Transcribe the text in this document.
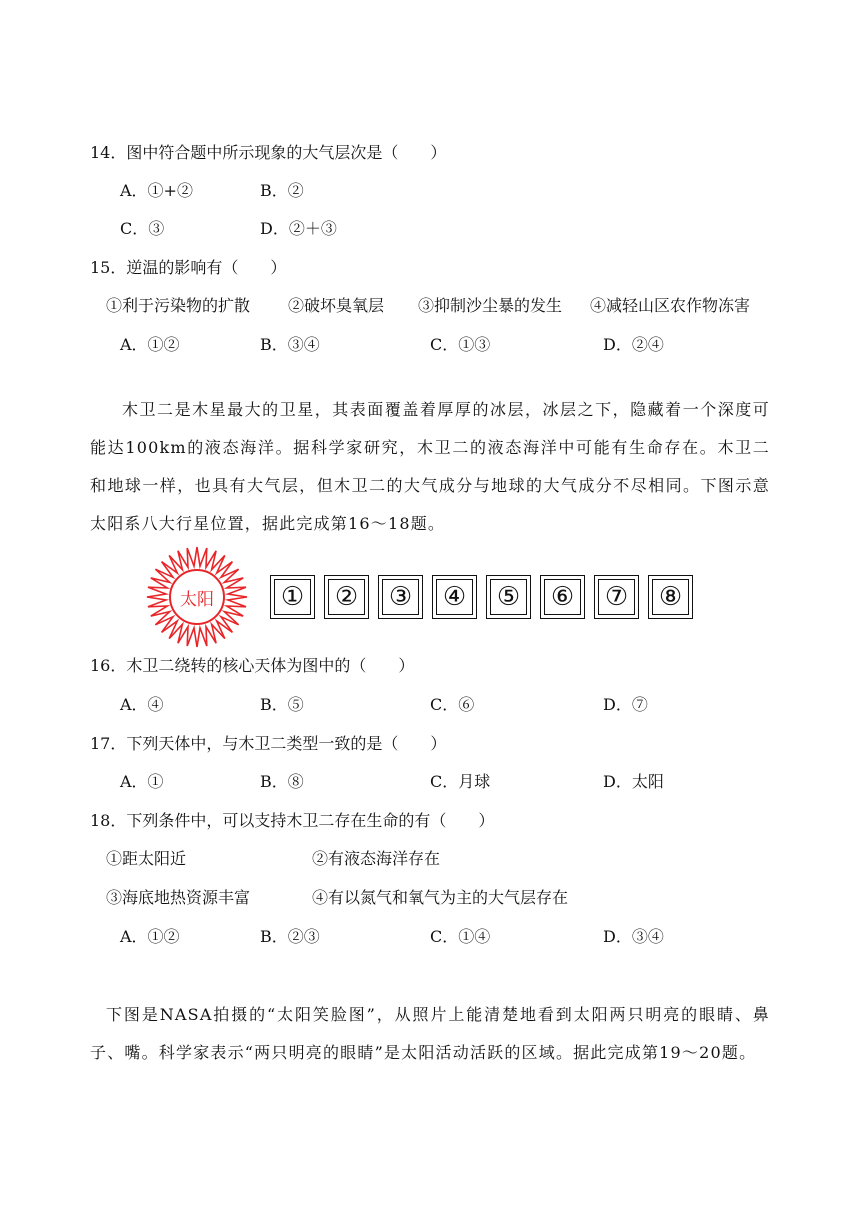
14．图中符合题中所示现象的大气层次是（　　）
A．①+②	B．②
C．③	D．②＋③
15．逆温的影响有（　　）
①利于污染物的扩散 ②破坏臭氧层 ③抑制沙尘暴的发生 ④减轻山区农作物冻害
A．①②	B．③④	C．①③	D．②④
木卫二是木星最大的卫星，其表面覆盖着厚厚的冰层，冰层之下，隐藏着一个深度可能达100km的液态海洋。据科学家研究，木卫二的液态海洋中可能有生命存在。木卫二和地球一样，也具有大气层，但木卫二的大气成分与地球的大气成分不尽相同。下图示意太阳系八大行星位置，据此完成第16～18题。
太阳	①	②	③	④	⑤	⑥	⑦	⑧
16．木卫二绕转的核心天体为图中的（　　）
A．④	B．⑤	C．⑥	D．⑦
17．下列天体中，与木卫二类型一致的是（　　）
A．①	B．⑧	C．月球	D．太阳
18．下列条件中，可以支持木卫二存在生命的有（　　）
①距太阳近	②有液态海洋存在
③海底地热资源丰富	④有以氮气和氧气为主的大气层存在
A．①②	B．②③	C．①④	D．③④
下图是NASA拍摄的“太阳笑脸图”，从照片上能清楚地看到太阳两只明亮的眼睛、鼻子、嘴。科学家表示“两只明亮的眼睛”是太阳活动活跃的区域。据此完成第19～20题。
